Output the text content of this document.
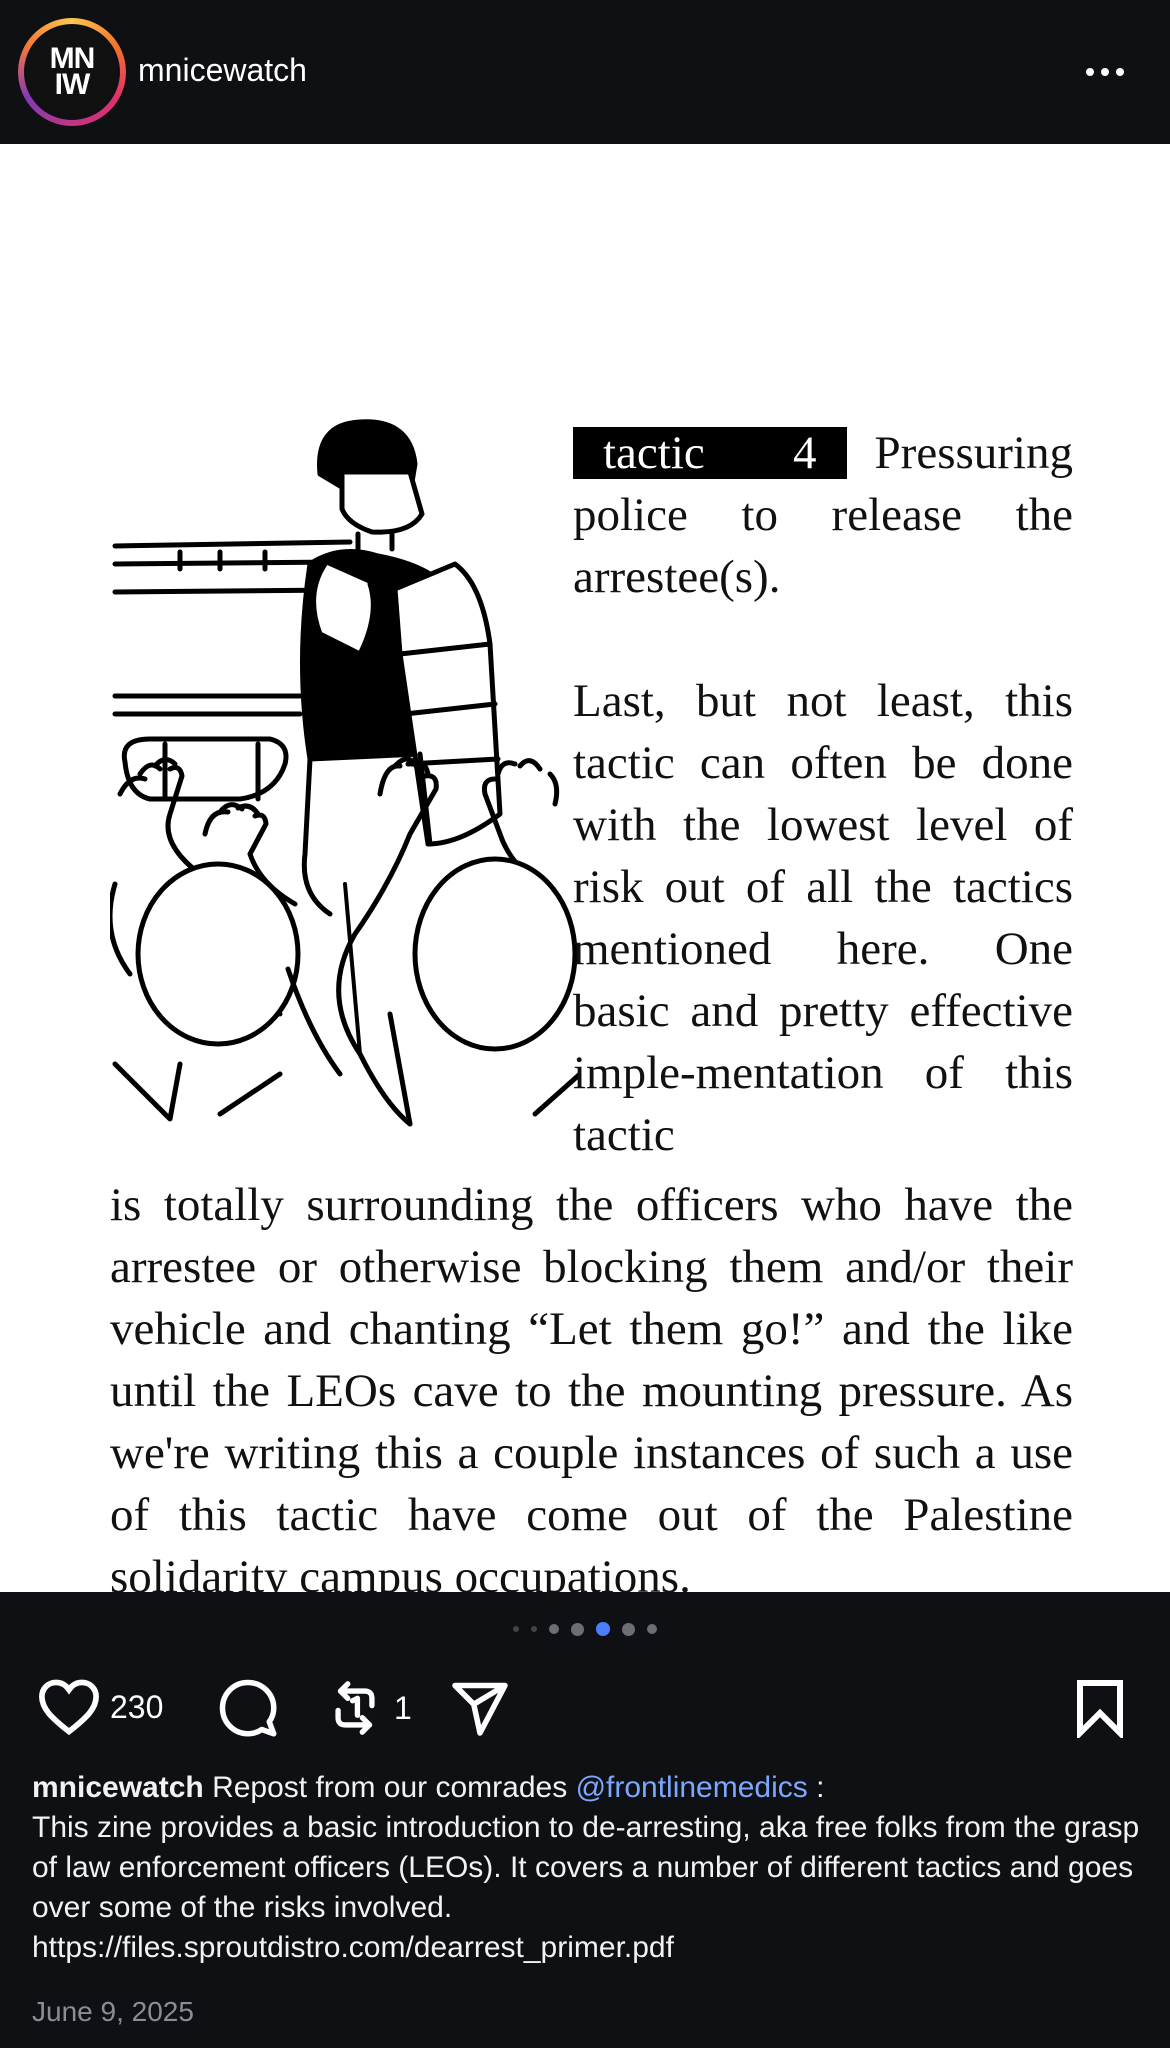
MN
IW mnicewatch
tactic 4 Pressuring police to release the arrestee(s).
Last, but not least, this tactic can often be done with the lowest level of risk out of all the tactics mentioned here. One basic and pretty effective imple-mentation of this tactic
is totally surrounding the officers who have the arrestee or otherwise blocking them and/or their vehicle and chanting “Let them go!” and the like until the LEOs cave to the mounting pressure. As we're writing this a couple instances of such a use of this tactic have come out of the Palestine solidarity campus occupations.
230	1
mnicewatch Repost from our comrades @frontlinemedics :
This zine provides a basic introduction to de-arresting, aka free folks from the grasp of law enforcement officers (LEOs). It covers a number of different tactics and goes over some of the risks involved.
https://files.sproutdistro.com/dearrest_primer.pdf
June 9, 2025
